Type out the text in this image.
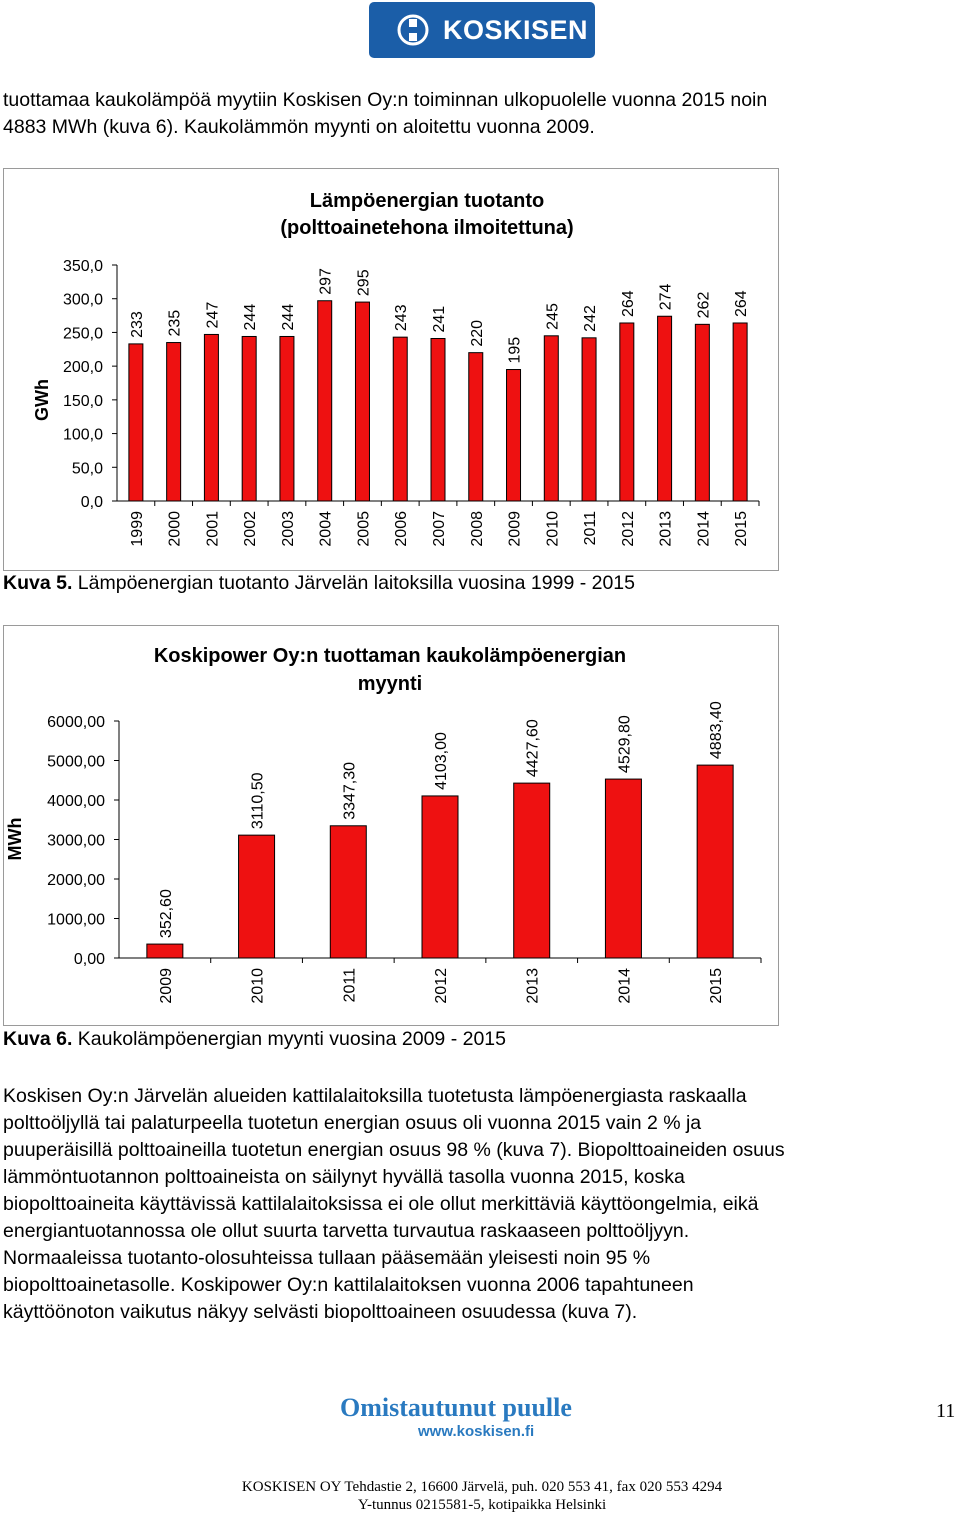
KOSKISEN

tuottamaa kaukolämpöä myytiin Koskisen Oy:n toiminnan ulkopuolelle vuonna 2015 noin
4883 MWh (kuva 6). Kaukolämmön myynti on aloitettu vuonna 2009.

Lämpöenergian tuotanto
(polttoainetehona ilmoitettuna)
GWh
0,0
50,0
100,0
150,0
200,0
250,0
300,0
350,0
1999
233
2000
235
2001
247
2002
244
2003
244
2004
297
2005
295
2006
243
2007
241
2008
220
2009
195
2010
245
2011
242
2012
264
2013
274
2014
262
2015
264
Kuva 5. Lämpöenergian tuotanto Järvelän laitoksilla vuosina 1999 - 2015
Koskipower Oy:n tuottaman kaukolämpöenergian
myynti
MWh
0,00
1000,00
2000,00
3000,00
4000,00
5000,00
6000,00
2009
352,60
2010
3110,50
2011
3347,30
2012
4103,00
2013
4427,60
2014
4529,80
2015
4883,40
Kuva 6. Kaukolämpöenergian myynti vuosina 2009 - 2015

Koskisen Oy:n Järvelän alueiden kattilalaitoksilla tuotetusta lämpöenergiasta raskaalla
polttoöljyllä tai palaturpeella tuotetun energian osuus oli vuonna 2015 vain 2 % ja
puuperäisillä polttoaineilla tuotetun energian osuus 98 % (kuva 7). Biopolttoaineiden osuus
lämmöntuotannon polttoaineista on säilynyt hyvällä tasolla vuonna 2015, koska
biopolttoaineita käyttävissä kattilalaitoksissa ei ole ollut merkittäviä käyttöongelmia, eikä
energiantuotannossa ole ollut suurta tarvetta turvautua raskaaseen polttoöljyyn.
Normaaleissa tuotanto-olosuhteissa tullaan pääsemään yleisesti noin 95 %
biopolttoainetasolle. Koskipower Oy:n kattilalaitoksen vuonna 2006 tapahtuneen
käyttöönoton vaikutus näkyy selvästi biopolttoaineen osuudessa (kuva 7).

Omistautunut puulle
www.koskisen.fi
11
KOSKISEN OY Tehdastie 2, 16600 Järvelä, puh. 020 553 41, fax 020 553 4294
Y-tunnus 0215581-5, kotipaikka Helsinki
